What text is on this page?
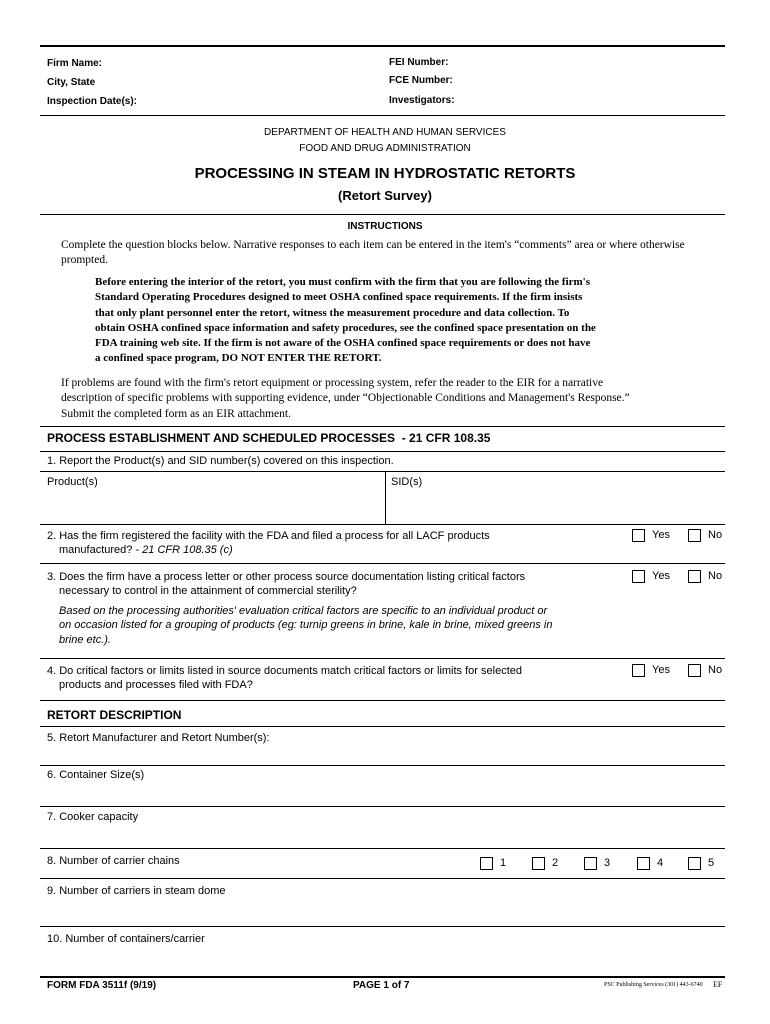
Firm Name:	FEI Number:
City, State	FCE Number:
Inspection Date(s):	Investigators:
DEPARTMENT OF HEALTH AND HUMAN SERVICES
FOOD AND DRUG ADMINISTRATION
PROCESSING IN STEAM IN HYDROSTATIC RETORTS
(Retort Survey)
INSTRUCTIONS
Complete the question blocks below. Narrative responses to each item can be entered in the item's “comments” area or where otherwise prompted.
Before entering the interior of the retort, you must confirm with the firm that you are following the firm's
Standard Operating Procedures designed to meet OSHA confined space requirements. If the firm insists
that only plant personnel enter the retort, witness the measurement procedure and data collection. To
obtain OSHA confined space information and safety procedures, see the confined space presentation on the
FDA training web site. If the firm is not aware of the OSHA confined space requirements or does not have
a confined space program, DO NOT ENTER THE RETORT.
If problems are found with the firm's retort equipment or processing system, refer the reader to the EIR for a narrative
description of specific problems with supporting evidence, under “Objectionable Conditions and Management's Response.”
Submit the completed form as an EIR attachment.
PROCESS ESTABLISHMENT AND SCHEDULED PROCESSES  - 21 CFR 108.35
1. Report the Product(s) and SID number(s) covered on this inspection.
Product(s)	SID(s)
2. Has the firm registered the facility with the FDA and filed a process for all LACF products
manufactured? - 21 CFR 108.35 (c)
Yes	No
3. Does the firm have a process letter or other process source documentation listing critical factors
necessary to control in the attainment of commercial sterility?
Yes	No
Based on the processing authorities' evaluation critical factors are specific to an individual product or
on occasion listed for a grouping of products (eg: turnip greens in brine, kale in brine, mixed greens in
brine etc.).
4. Do critical factors or limits listed in source documents match critical factors or limits for selected
products and processes filed with FDA?
Yes	No
RETORT DESCRIPTION
5. Retort Manufacturer and Retort Number(s):
6. Container Size(s)
7. Cooker capacity
8. Number of carrier chains	1	2	3	4	5
9. Number of carriers in steam dome
10. Number of containers/carrier
FORM FDA 3511f (9/19)	PAGE 1 of 7	PSC Publishing Services (301) 443-6740 EF
